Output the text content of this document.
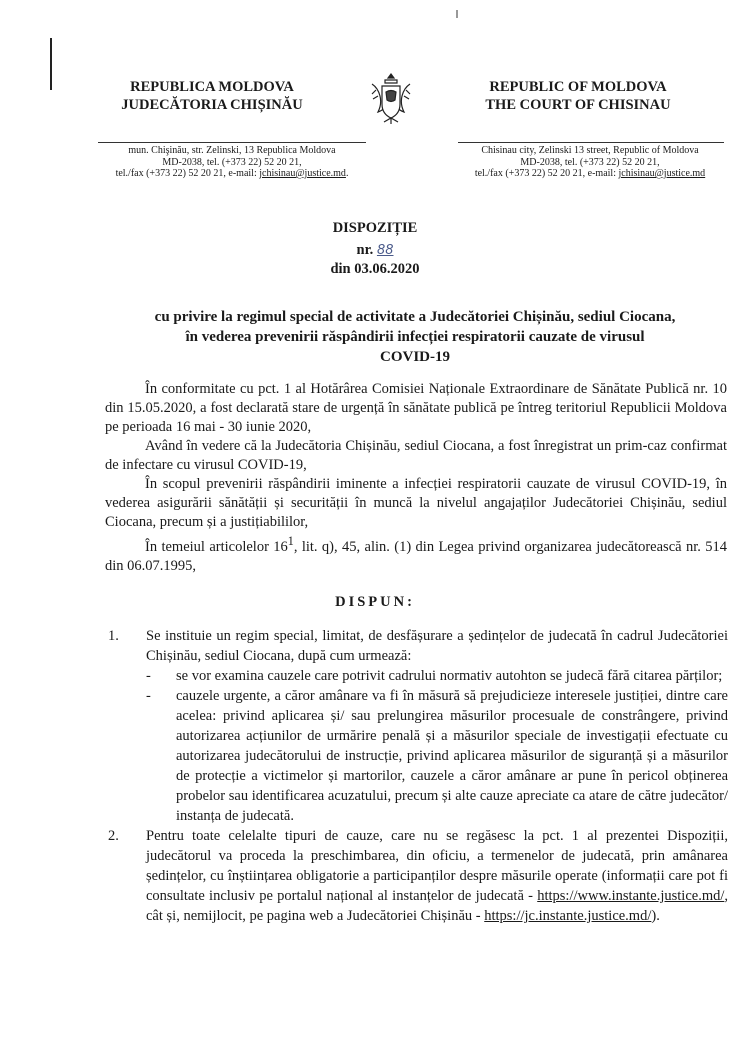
REPUBLICA MOLDOVA
JUDECĂTORIA CHIȘINĂU
REPUBLIC OF MOLDOVA
THE COURT OF CHISINAU
mun. Chişinău, str. Zelinski, 13 Republica Moldova
MD-2038, tel. (+373 22) 52 20 21,
tel./fax (+373 22) 52 20 21, e-mail: jchisinau@justice.md.
Chisinau city, Zelinski 13 street, Republic of Moldova
MD-2038, tel. (+373 22) 52 20 21,
tel./fax (+373 22) 52 20 21, e-mail: jchisinau@justice.md
DISPOZIȚIE
nr. 88
din 03.06.2020
cu privire la regimul special de activitate a Judecătoriei Chișinău, sediul Ciocana,
în vederea prevenirii răspândirii infecției respiratorii cauzate de virusul
COVID-19

În conformitate cu pct. 1 al Hotărârea Comisiei Naționale Extraordinare de Sănătate Publică nr. 10 din 15.05.2020, a fost declarată stare de urgență în sănătate publică pe întreg teritoriul Republicii Moldova pe perioada 16 mai - 30 iunie 2020,

Având în vedere că la Judecătoria Chișinău, sediul Ciocana, a fost înregistrat un prim-caz confirmat de infectare cu virusul COVID-19,

În scopul prevenirii răspândirii iminente a infecției respiratorii cauzate de virusul COVID-19, în vederea asigurării sănătății și securității în muncă la nivelul angajaților Judecătoriei Chișinău, sediul Ciocana, precum și a justițiabililor,

În temeiul articolelor $16^1$, lit. q), 45, alin. (1) din Legea privind organizarea judecătorească nr. 514 din 06.07.1995,

DISPUN:
1. Se instituie un regim special, limitat, de desfășurare a ședințelor de judecată în cadrul Judecătoriei Chișinău, sediul Ciocana, după cum urmează:
- se vor examina cauzele care potrivit cadrului normativ autohton se judecă fără citarea părților;
- cauzele urgente, a căror amânare va fi în măsură să prejudicieze interesele justiției, dintre care acelea: privind aplicarea și/ sau prelungirea măsurilor procesuale de constrângere, privind autorizarea acțiunilor de urmărire penală și a măsurilor speciale de investigații efectuate cu autorizarea judecătorului de instrucție, privind aplicarea măsurilor de siguranță și a măsurilor de protecție a victimelor și martorilor, cauzele a căror amânare ar pune în pericol obținerea probelor sau identificarea acuzatului, precum și alte cauze apreciate ca atare de către judecător/ instanța de judecată.
2. Pentru toate celelalte tipuri de cauze, care nu se regăsesc la pct. 1 al prezentei Dispoziții, judecătorul va proceda la preschimbarea, din oficiu, a termenelor de judecată, prin amânarea ședințelor, cu înștiințarea obligatorie a participanților despre măsurile operate (informații care pot fi consultate inclusiv pe portalul național al instanțelor de judecată - https://www.instante.justice.md/, cât și, nemijlocit, pe pagina web a Judecătoriei Chișinău - https://jc.instante.justice.md/).
